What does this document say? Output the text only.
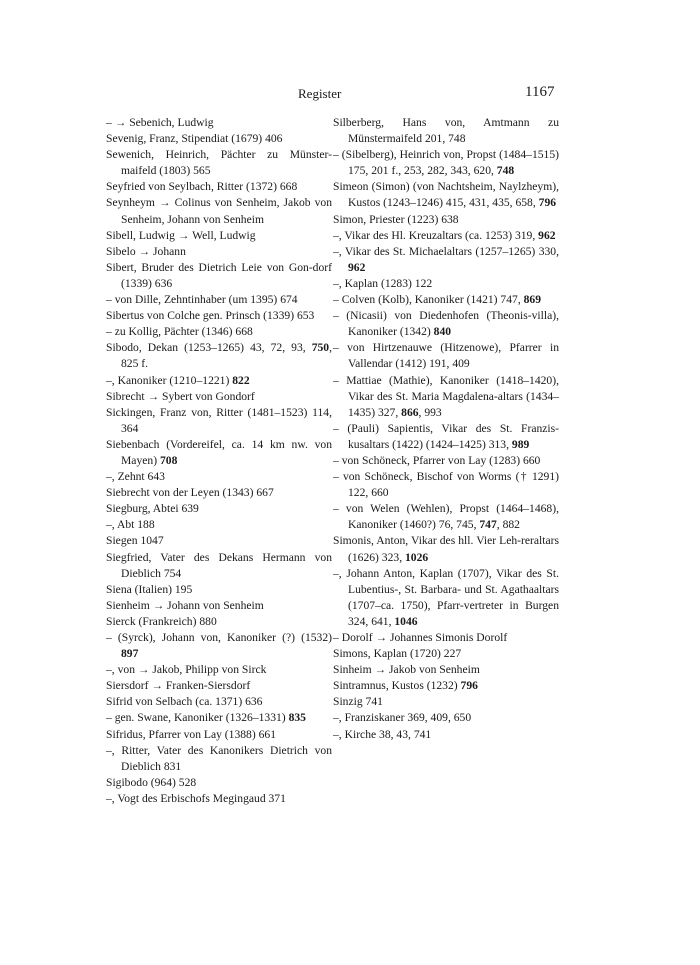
Register	1167

– → Sebenich, Ludwig

Sevenig, Franz, Stipendiat (1679) 406

Sewenich, Heinrich, Pächter zu Münster-maifeld (1803) 565

Seyfried von Seylbach, Ritter (1372) 668

Seynheym → Colinus von Senheim, Jakob von Senheim, Johann von Senheim

Sibell, Ludwig → Well, Ludwig

Sibelo → Johann

Sibert, Bruder des Dietrich Leie von Gon-dorf (1339) 636

– von Dille, Zehntinhaber (um 1395) 674

Sibertus von Colche gen. Prinsch (1339) 653

– zu Kollig, Pächter (1346) 668

Sibodo, Dekan (1253–1265) 43, 72, 93, 750, 825 f.

–, Kanoniker (1210–1221) 822

Sibrecht → Sybert von Gondorf

Sickingen, Franz von, Ritter (1481–1523) 114, 364

Siebenbach (Vordereifel, ca. 14 km nw. von Mayen) 708

–, Zehnt 643

Siebrecht von der Leyen (1343) 667

Siegburg, Abtei 639

–, Abt 188

Siegen 1047

Siegfried, Vater des Dekans Hermann von Dieblich 754

Siena (Italien) 195

Sienheim → Johann von Senheim

Sierck (Frankreich) 880

– (Syrck), Johann von, Kanoniker (?) (1532) 897

–, von → Jakob, Philipp von Sirck

Siersdorf → Franken-Siersdorf

Sifrid von Selbach (ca. 1371) 636

– gen. Swane, Kanoniker (1326–1331) 835

Sifridus, Pfarrer von Lay (1388) 661

–, Ritter, Vater des Kanonikers Dietrich von Dieblich 831

Sigibodo (964) 528

–, Vogt des Erbischofs Megingaud 371

Silberberg, Hans von, Amtmann zu Münstermaifeld 201, 748

– (Sibelberg), Heinrich von, Propst (1484–1515) 175, 201 f., 253, 282, 343, 620, 748

Simeon (Simon) (von Nachtsheim, Naylzheym), Kustos (1243–1246) 415, 431, 435, 658, 796

Simon, Priester (1223) 638

–, Vikar des Hl. Kreuzaltars (ca. 1253) 319, 962

–, Vikar des St. Michaelaltars (1257–1265) 330, 962

–, Kaplan (1283) 122

– Colven (Kolb), Kanoniker (1421) 747, 869

– (Nicasii) von Diedenhofen (Theonis-villa), Kanoniker (1342) 840

– von Hirtzenauwe (Hitzenowe), Pfarrer in Vallendar (1412) 191, 409

– Mattiae (Mathie), Kanoniker (1418–1420), Vikar des St. Maria Magdalena-altars (1434–1435) 327, 866, 993

– (Pauli) Sapientis, Vikar des St. Franzis-kusaltars (1422) (1424–1425) 313, 989

– von Schöneck, Pfarrer von Lay (1283) 660

– von Schöneck, Bischof von Worms († 1291) 122, 660

– von Welen (Wehlen), Propst (1464–1468), Kanoniker (1460?) 76, 745, 747, 882

Simonis, Anton, Vikar des hll. Vier Leh-reraltars (1626) 323, 1026

–, Johann Anton, Kaplan (1707), Vikar des St. Lubentius-, St. Barbara- und St. Agathaaltars (1707–ca. 1750), Pfarr-vertreter in Burgen 324, 641, 1046

– Dorolf → Johannes Simonis Dorolf

Simons, Kaplan (1720) 227

Sinheim → Jakob von Senheim

Sintramnus, Kustos (1232) 796

Sinzig 741

–, Franziskaner 369, 409, 650

–, Kirche 38, 43, 741
